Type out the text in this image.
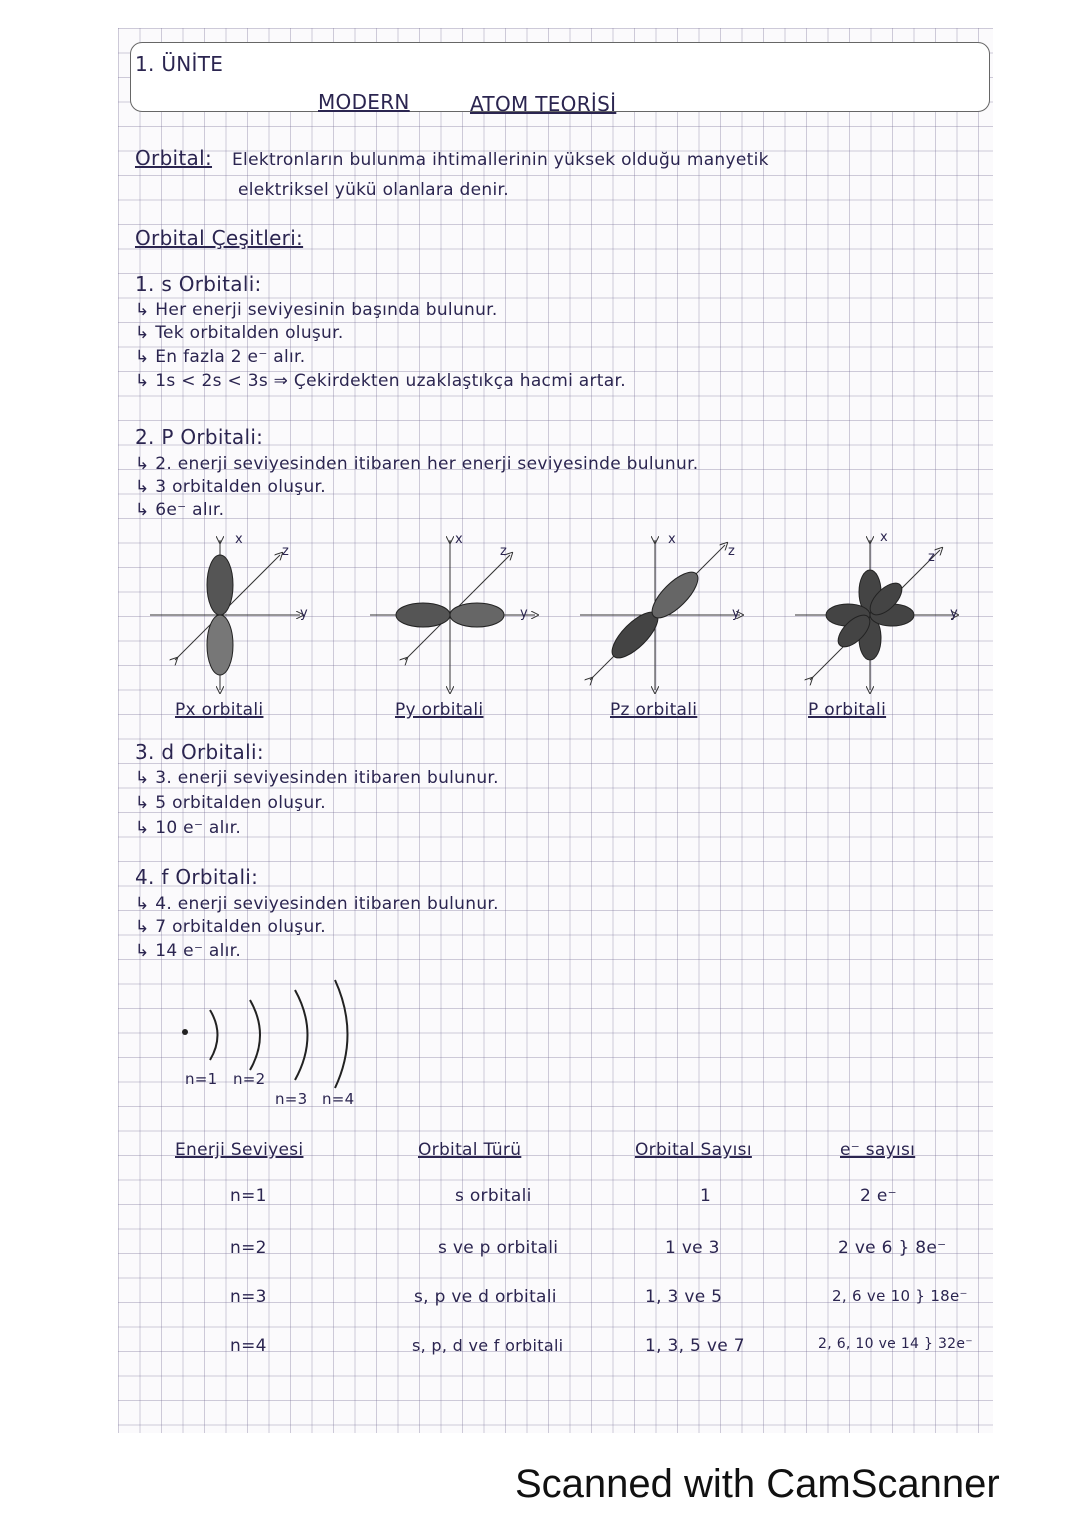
1. ÜNİTE
MODERN	ATOM TEORİSİ
Orbital: Elektronların bulunma ihtimallerinin yüksek olduğu manyetik
elektriksel yükü olanlara denir.
Orbital Çeşitleri:
1. s Orbitali:
↳ Her enerji seviyesinin başında bulunur.
↳ Tek orbitalden oluşur.
↳ En fazla 2 e⁻ alır.
↳ 1s < 2s < 3s ⇒ Çekirdekten uzaklaştıkça hacmi artar.
2. P Orbitali:
↳ 2. enerji seviyesinden itibaren her enerji seviyesinde bulunur.
↳ 3 orbitalden oluşur.
↳ 6e⁻ alır.
x
z
y
x
z
y
x
z
y
x
z
y
Px orbitali	Py orbitali	Pz orbitali	P orbitali
3. d Orbitali:
↳ 3. enerji seviyesinden itibaren bulunur.
↳ 5 orbitalden oluşur.
↳ 10 e⁻ alır.
4. f Orbitali:
↳ 4. enerji seviyesinden itibaren bulunur.
↳ 7 orbitalden oluşur.
↳ 14 e⁻ alır.
n=1 n=2
n=3 n=4
Enerji Seviyesi	Orbital Türü	Orbital Sayısı	e⁻ sayısı
n=1	s orbitali	1	2 e⁻
n=2	s ve p orbitali	1 ve 3	2 ve 6 } 8e⁻
n=3	s, p ve d orbitali	1, 3 ve 5	2, 6 ve 10 } 18e⁻
n=4	s, p, d ve f orbitali	1, 3, 5 ve 7	2, 6, 10 ve 14 } 32e⁻
Scanned with CamScanner
